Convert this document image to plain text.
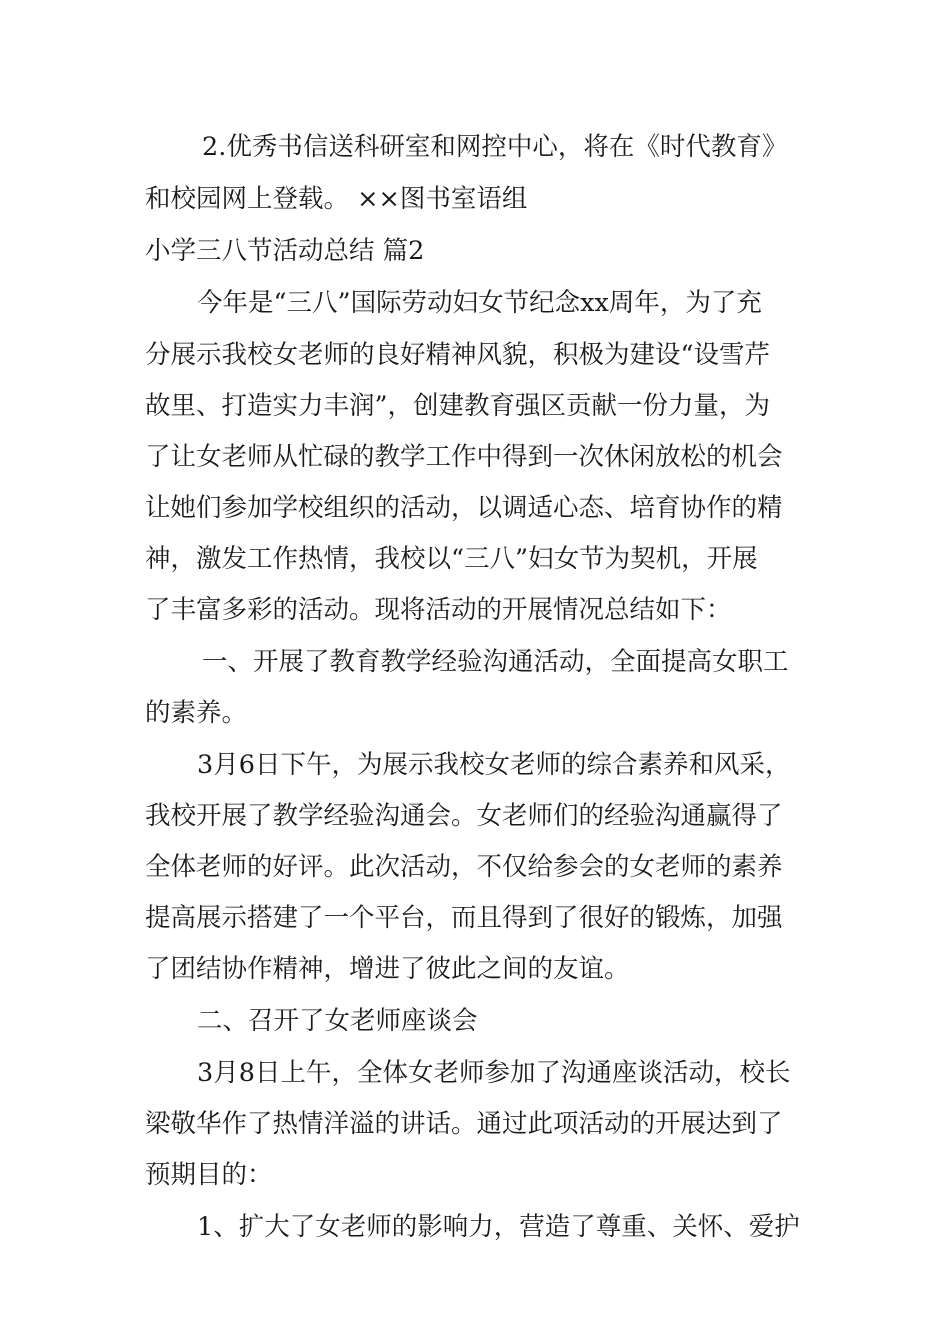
2.优秀书信送科研室和网控中心，将在《时代教育》
和校园网上登载。 ××图书室语组
小学三八节活动总结 篇2
今年是“三八”国际劳动妇女节纪念xx周年，为了充
分展示我校女老师的良好精神风貌，积极为建设“设雪芹
故里、打造实力丰润”，创建教育强区贡献一份力量，为
了让女老师从忙碌的教学工作中得到一次休闲放松的机会
让她们参加学校组织的活动，以调适心态、培育协作的精
神，激发工作热情，我校以“三八”妇女节为契机，开展
了丰富多彩的活动。现将活动的开展情况总结如下：
一、开展了教育教学经验沟通活动，全面提高女职工
的素养。
3月6日下午，为展示我校女老师的综合素养和风采，
我校开展了教学经验沟通会。女老师们的经验沟通赢得了
全体老师的好评。此次活动，不仅给参会的女老师的素养
提高展示搭建了一个平台，而且得到了很好的锻炼，加强
了团结协作精神，增进了彼此之间的友谊。
二、召开了女老师座谈会
3月8日上午，全体女老师参加了沟通座谈活动，校长
梁敬华作了热情洋溢的讲话。通过此项活动的开展达到了
预期目的：
1、扩大了女老师的影响力，营造了尊重、关怀、爱护
